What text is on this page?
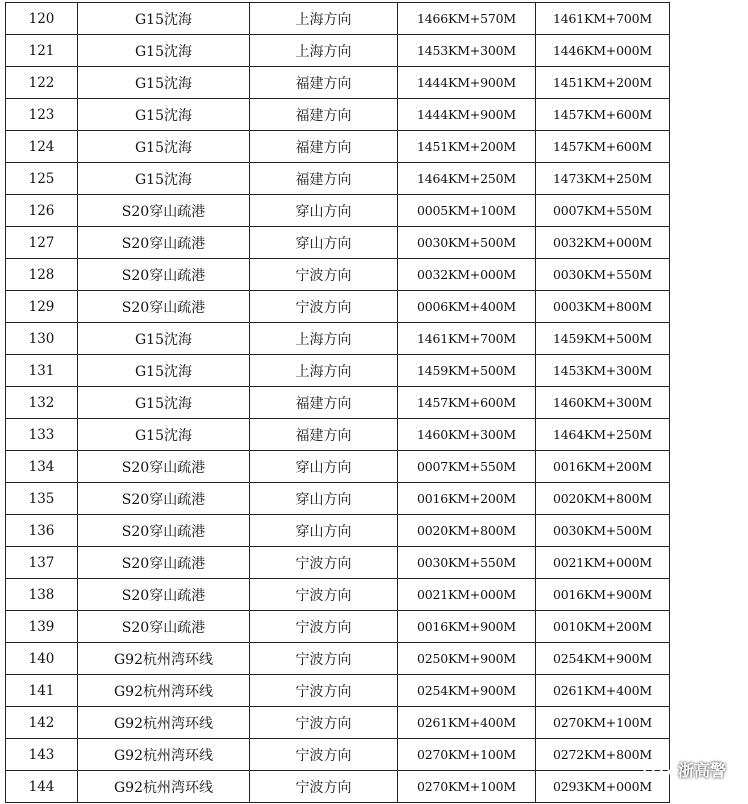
120	G15沈海	上海方向	1466KM+570M	1461KM+700M
121	G15沈海	上海方向	1453KM+300M	1446KM+000M
122	G15沈海	福建方向	1444KM+900M	1451KM+200M
123	G15沈海	福建方向	1444KM+900M	1457KM+600M
124	G15沈海	福建方向	1451KM+200M	1457KM+600M
125	G15沈海	福建方向	1464KM+250M	1473KM+250M
126	S20穿山疏港	穿山方向	0005KM+100M	0007KM+550M
127	S20穿山疏港	穿山方向	0030KM+500M	0032KM+000M
128	S20穿山疏港	宁波方向	0032KM+000M	0030KM+550M
129	S20穿山疏港	宁波方向	0006KM+400M	0003KM+800M
130	G15沈海	上海方向	1461KM+700M	1459KM+500M
131	G15沈海	上海方向	1459KM+500M	1453KM+300M
132	G15沈海	福建方向	1457KM+600M	1460KM+300M
133	G15沈海	福建方向	1460KM+300M	1464KM+250M
134	S20穿山疏港	穿山方向	0007KM+550M	0016KM+200M
135	S20穿山疏港	穿山方向	0016KM+200M	0020KM+800M
136	S20穿山疏港	穿山方向	0020KM+800M	0030KM+500M
137	S20穿山疏港	宁波方向	0030KM+550M	0021KM+000M
138	S20穿山疏港	宁波方向	0021KM+000M	0016KM+900M
139	S20穿山疏港	宁波方向	0016KM+900M	0010KM+200M
140	G92杭州湾环线	宁波方向	0250KM+900M	0254KM+900M
141	G92杭州湾环线	宁波方向	0254KM+900M	0261KM+400M
142	G92杭州湾环线	宁波方向	0261KM+400M	0270KM+100M
143	G92杭州湾环线	宁波方向	0270KM+100M	0272KM+800M
144	G92杭州湾环线	宁波方向	0270KM+100M	0293KM+000M
浙高警
